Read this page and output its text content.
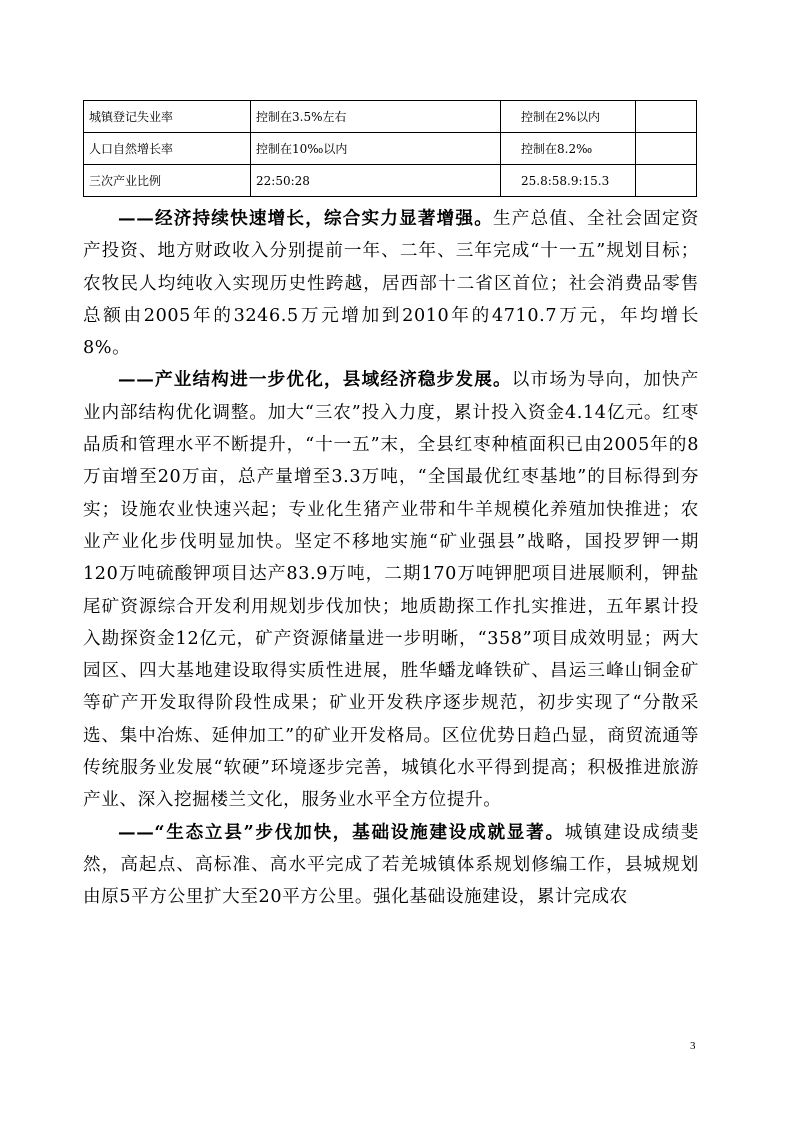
城镇登记失业率	控制在3.5%左右	控制在2%以内	
人口自然增长率	控制在10‰以内	控制在8.2‰	
三次产业比例	22:50:28	25.8:58.9:15.3	

——经济持续快速增长，综合实力显著增强。生产总值、全社会固定资产投资、地方财政收入分别提前一年、二年、三年完成“十一五”规划目标；农牧民人均纯收入实现历史性跨越，居西部十二省区首位；社会消费品零售总额由2005年的3246.5万元增加到2010年的4710.7万元，年均增长8%。

——产业结构进一步优化，县域经济稳步发展。以市场为导向，加快产业内部结构优化调整。加大“三农”投入力度，累计投入资金4.14亿元。红枣品质和管理水平不断提升，“十一五”末，全县红枣种植面积已由2005年的8万亩增至20万亩，总产量增至3.3万吨，“全国最优红枣基地”的目标得到夯实；设施农业快速兴起；专业化生猪产业带和牛羊规模化养殖加快推进；农业产业化步伐明显加快。坚定不移地实施“矿业强县”战略，国投罗钾一期120万吨硫酸钾项目达产83.9万吨，二期170万吨钾肥项目进展顺利，钾盐尾矿资源综合开发利用规划步伐加快；地质勘探工作扎实推进，五年累计投入勘探资金12亿元，矿产资源储量进一步明晰，“358”项目成效明显；两大园区、四大基地建设取得实质性进展，胜华蟠龙峰铁矿、昌运三峰山铜金矿等矿产开发取得阶段性成果；矿业开发秩序逐步规范，初步实现了“分散采选、集中冶炼、延伸加工”的矿业开发格局。区位优势日趋凸显，商贸流通等传统服务业发展“软硬”环境逐步完善，城镇化水平得到提高；积极推进旅游产业、深入挖掘楼兰文化，服务业水平全方位提升。

——“生态立县”步伐加快，基础设施建设成就显著。城镇建设成绩斐然，高起点、高标准、高水平完成了若羌城镇体系规划修编工作，县城规划由原5平方公里扩大至20平方公里。强化基础设施建设，累计完成农

3
